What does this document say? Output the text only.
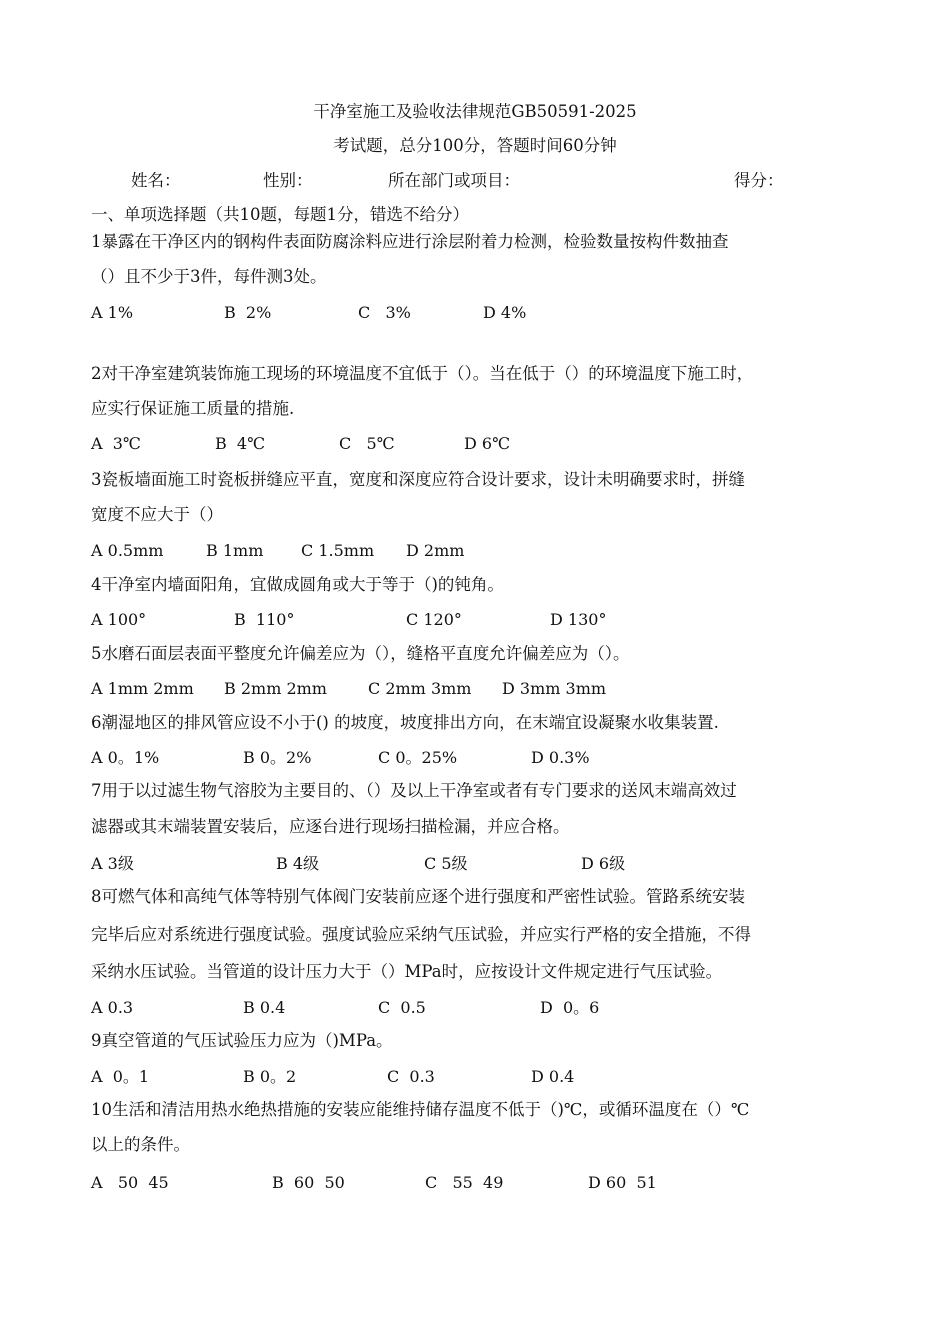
干净室施工及验收法律规范GB50591-2025
考试题，总分100分，答题时间60分钟
姓名：	性别：	所在部门或项目：	得分：
一、单项选择题（共10题，每题1分，错选不给分）
1暴露在干净区内的钢构件表面防腐涂料应进行涂层附着力检测，检验数量按构件数抽查
（）且不少于3件，每件测3处。
A 1%	B  2%	C   3%	D 4%
2对干净室建筑装饰施工现场的环境温度不宜低于（）。当在低于（）的环境温度下施工时，
应实行保证施工质量的措施.
A  3℃	B  4℃	C   5℃	D 6℃
3瓷板墙面施工时瓷板拼缝应平直，宽度和深度应符合设计要求，设计未明确要求时，拼缝
宽度不应大于（）
A 0.5mm	B 1mm C 1.5mm D 2mm
4干净室内墙面阳角，宜做成圆角或大于等于（)的钝角。
A 100°	B  110°	C 120°	D 130°
5水磨石面层表面平整度允许偏差应为（），缝格平直度允许偏差应为（）。
A 1mm 2mm B 2mm 2mm	C 2mm 3mm D 3mm 3mm
6潮湿地区的排风管应设不小于() 的坡度，坡度排出方向，在末端宜设凝聚水收集装置.
A 0。1%	B 0。2%	C 0。25%	D 0.3%
7用于以过滤生物气溶胶为主要目的、（）及以上干净室或者有专门要求的送风末端高效过
滤器或其末端装置安装后，应逐台进行现场扫描检漏，并应合格。
A 3级	B 4级	C 5级	D 6级
8可燃气体和高纯气体等特别气体阀门安装前应逐个进行强度和严密性试验。管路系统安装
完毕后应对系统进行强度试验。强度试验应采纳气压试验，并应实行严格的安全措施，不得
采纳水压试验。当管道的设计压力大于（）MPa时，应按设计文件规定进行气压试验。
A 0.3	B 0.4	C  0.5	D  0。6
9真空管道的气压试验压力应为（)MPa。
A  0。1	B 0。2	C  0.3	D 0.4
10生活和清洁用热水绝热措施的安装应能维持储存温度不低于（)℃，或循环温度在（）℃
以上的条件。
A   50  45	B  60  50	C   55  49	D 60  51
